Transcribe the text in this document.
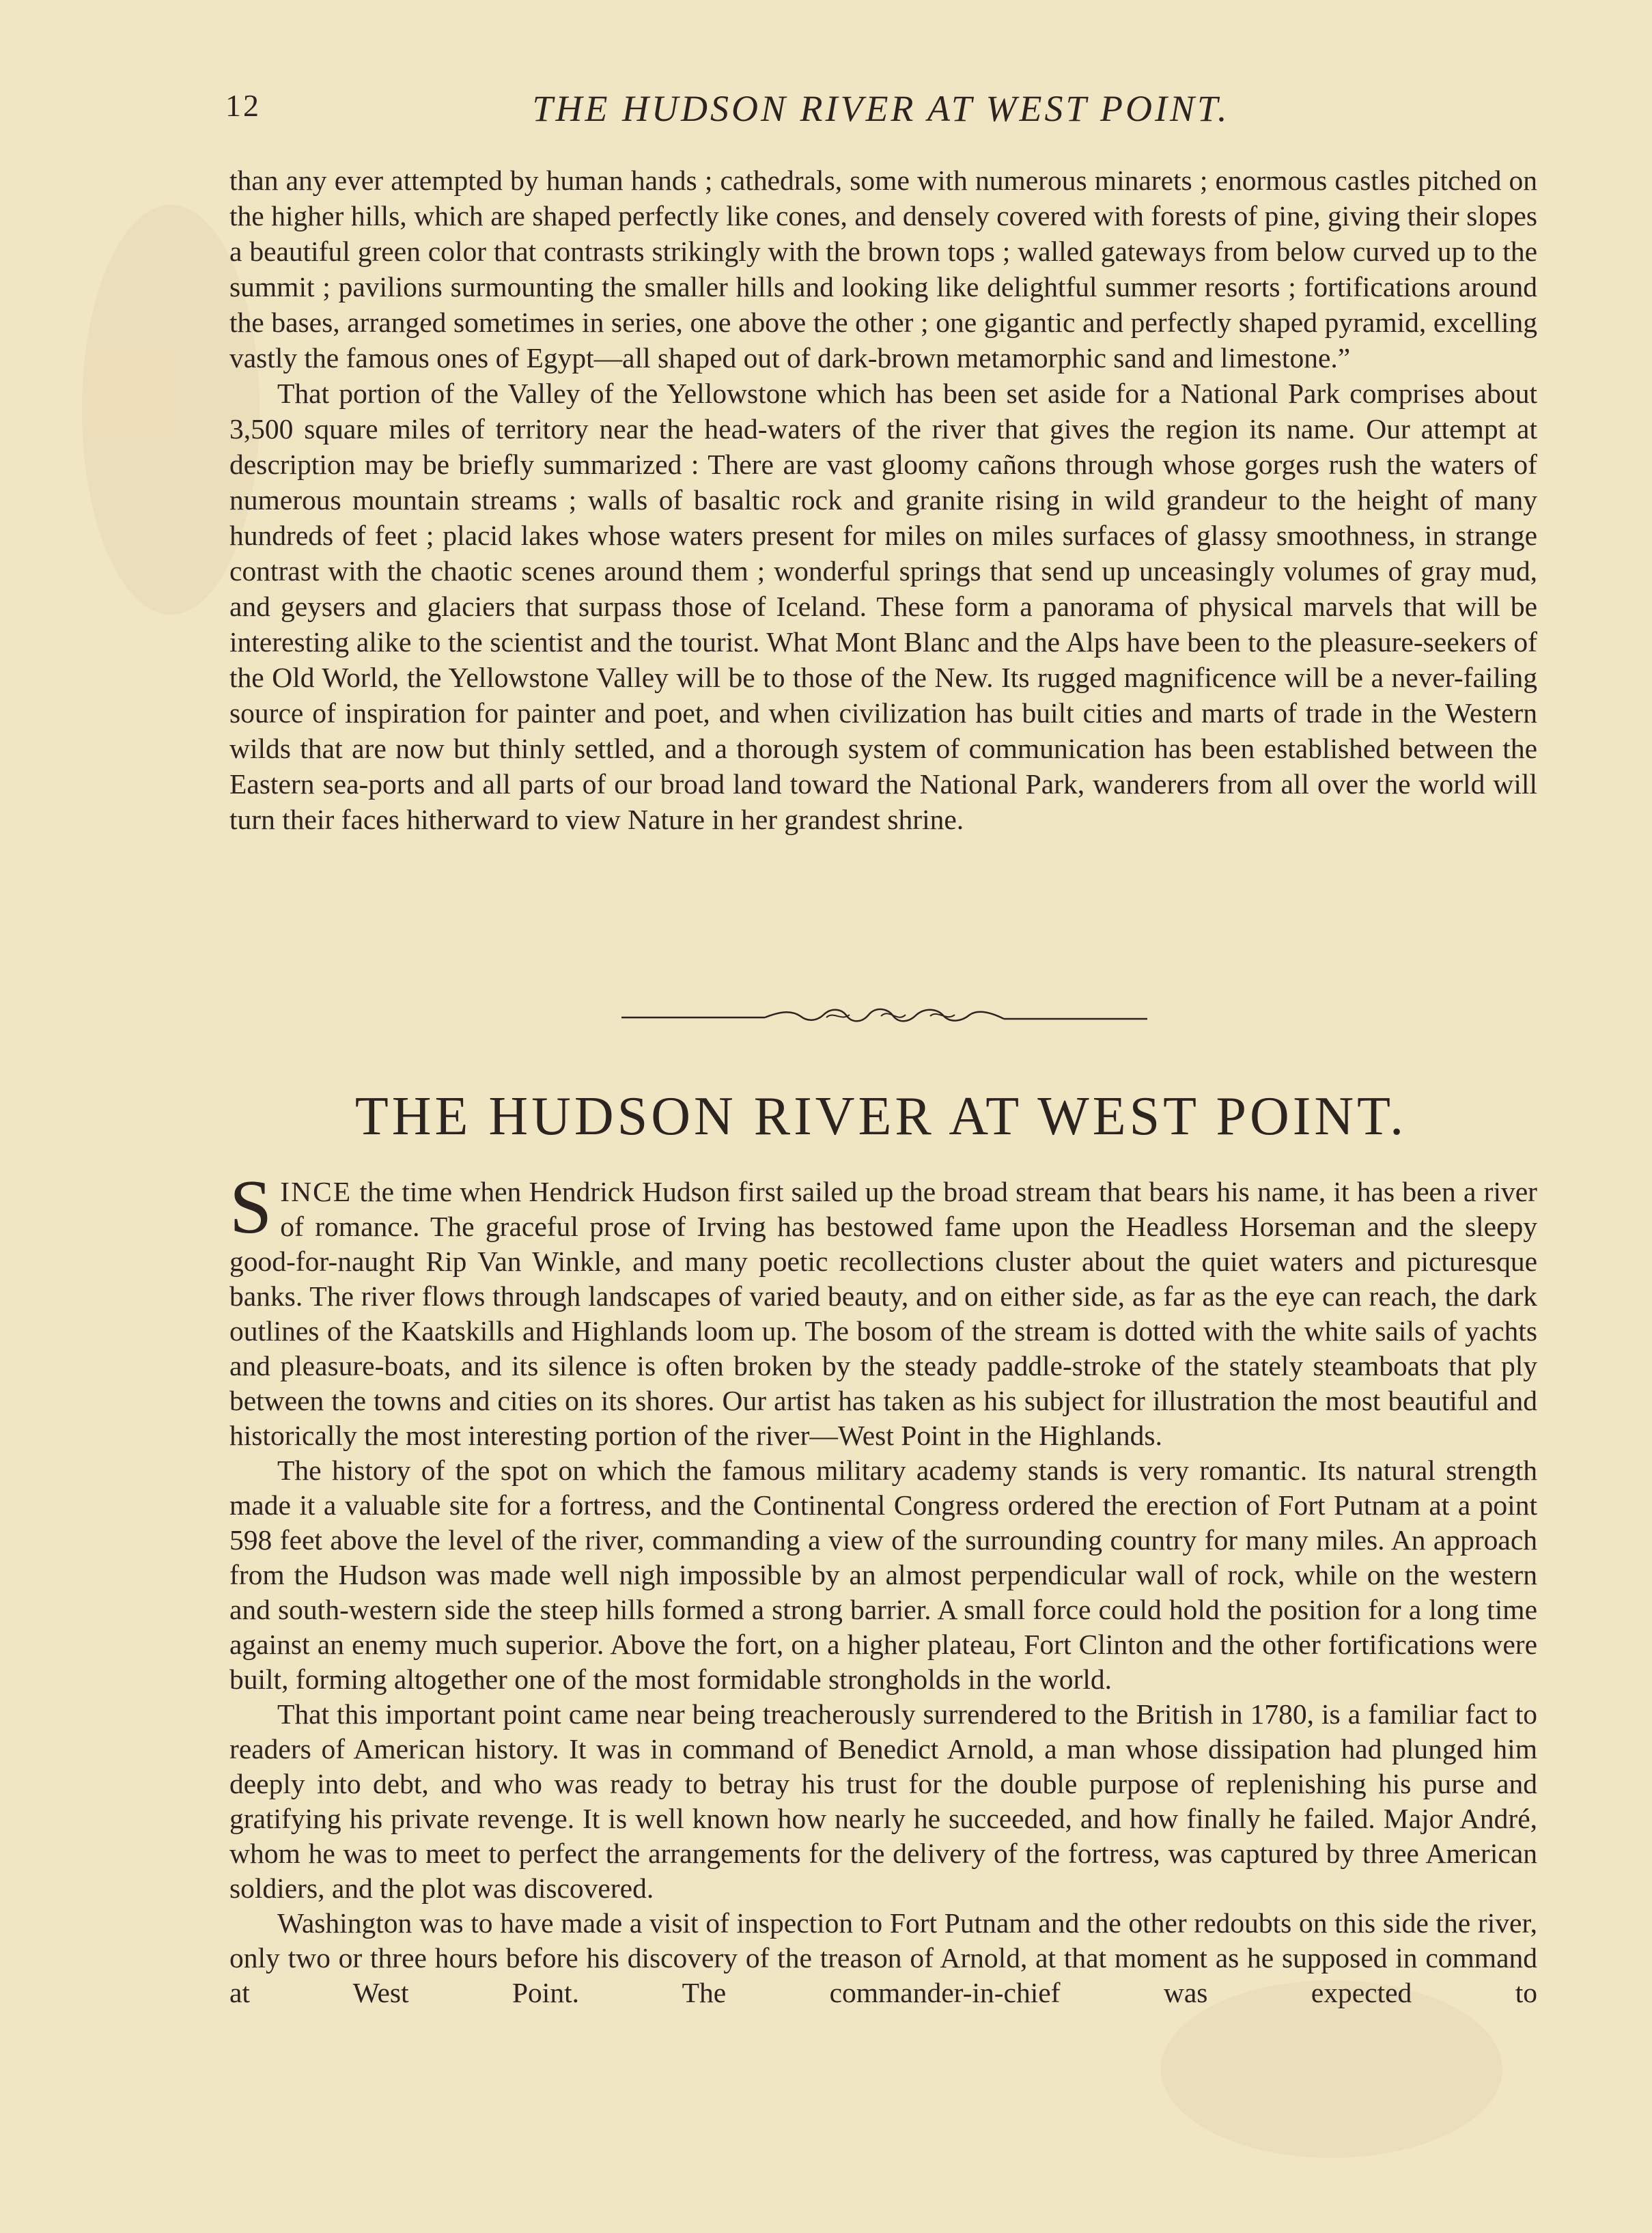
12	THE HUDSON RIVER AT WEST POINT.

than any ever attempted by human hands ; cathedrals, some with numerous minarets ; enormous castles pitched on the higher hills, which are shaped perfectly like cones, and densely covered with forests of pine, giving their slopes a beautiful green color that contrasts strikingly with the brown tops ; walled gateways from below curved up to the summit ; pavilions surmounting the smaller hills and looking like delightful summer resorts ; fortifications around the bases, arranged sometimes in series, one above the other ; one gigantic and perfectly shaped pyramid, excelling vastly the famous ones of Egypt—all shaped out of dark-brown metamorphic sand and limestone.”

That portion of the Valley of the Yellowstone which has been set aside for a National Park comprises about 3,500 square miles of territory near the head-waters of the river that gives the region its name. Our attempt at description may be briefly summarized : There are vast gloomy cañons through whose gorges rush the waters of numerous mountain streams ; walls of basaltic rock and granite rising in wild grandeur to the height of many hundreds of feet ; placid lakes whose waters present for miles on miles surfaces of glassy smoothness, in strange contrast with the chaotic scenes around them ; wonderful springs that send up unceasingly volumes of gray mud, and geysers and glaciers that surpass those of Iceland. These form a panorama of physical marvels that will be interesting alike to the scientist and the tourist. What Mont Blanc and the Alps have been to the pleasure-seekers of the Old World, the Yellowstone Valley will be to those of the New. Its rugged magnificence will be a never-failing source of inspiration for painter and poet, and when civilization has built cities and marts of trade in the Western wilds that are now but thinly settled, and a thorough system of communication has been established between the Eastern sea-ports and all parts of our broad land toward the National Park, wanderers from all over the world will turn their faces hitherward to view Nature in her grandest shrine.

THE HUDSON RIVER AT WEST POINT.

SINCE the time when Hendrick Hudson first sailed up the broad stream that bears his name, it has been a river of romance. The graceful prose of Irving has bestowed fame upon the Headless Horseman and the sleepy good-for-naught Rip Van Winkle, and many poetic recollections cluster about the quiet waters and picturesque banks. The river flows through landscapes of varied beauty, and on either side, as far as the eye can reach, the dark outlines of the Kaatskills and Highlands loom up. The bosom of the stream is dotted with the white sails of yachts and pleasure-boats, and its silence is often broken by the steady paddle-stroke of the stately steamboats that ply between the towns and cities on its shores. Our artist has taken as his subject for illustration the most beautiful and historically the most interesting portion of the river—West Point in the Highlands.

The history of the spot on which the famous military academy stands is very romantic. Its natural strength made it a valuable site for a fortress, and the Continental Congress ordered the erection of Fort Putnam at a point 598 feet above the level of the river, commanding a view of the surrounding country for many miles. An approach from the Hudson was made well nigh impossible by an almost perpendicular wall of rock, while on the western and south-western side the steep hills formed a strong barrier. A small force could hold the position for a long time against an enemy much superior. Above the fort, on a higher plateau, Fort Clinton and the other fortifications were built, forming altogether one of the most formidable strongholds in the world.

That this important point came near being treacherously surrendered to the British in 1780, is a familiar fact to readers of American history. It was in command of Benedict Arnold, a man whose dissipation had plunged him deeply into debt, and who was ready to betray his trust for the double purpose of replenishing his purse and gratifying his private revenge. It is well known how nearly he succeeded, and how finally he failed. Major André, whom he was to meet to perfect the arrangements for the delivery of the fortress, was captured by three American soldiers, and the plot was discovered.

Washington was to have made a visit of inspection to Fort Putnam and the other redoubts on this side the river, only two or three hours before his discovery of the treason of Arnold, at that moment as he supposed in command at West Point. The commander-in-chief was expected to
